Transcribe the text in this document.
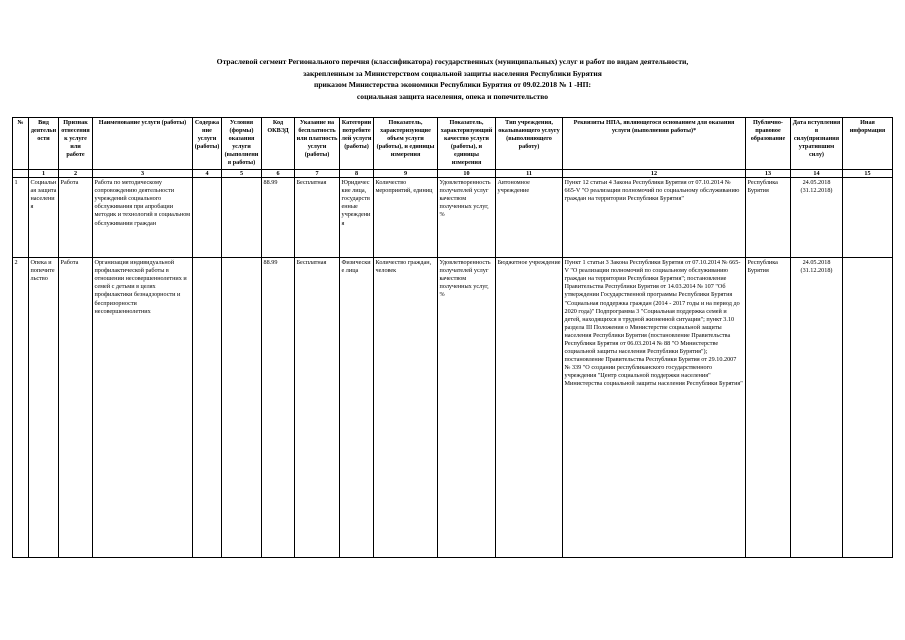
Отраслевой сегмент Регионального перечня (классификатора) государственных (муниципальных) услуг и работ по видам деятельности,
закрепленным за Министерством социальной защиты населения Республики Бурятия
приказом Министерства экономики Республики Бурятия от 09.02.2018 № 1 -НП:
социальная защита населения, опека и попечительство
№	Вид деятельности	Признак отнесения к услуге или работе	Наименование услуги (работы)	Содержание услуги (работы)	Условия (формы) оказания услуги (выполнения работы)	Код ОКВЭД	Указание на бесплатность или платность услуги (работы)	Категории потребителей услуги (работы)	Показатель, характеризующие объем услуги (работы), и единицы измерения	Показатель, характеризующий качество услуги (работы), и единицы измерения	Тип учреждения, оказывающего услугу (выполняющего работу)	Реквизиты НПА, являющегося основанием для оказания услуги (выполнения работы)*	Публично-правовое образование	Дата вступления в силу(признания утратившим силу)	Иная информация
	1	2	3	4	5	6	7	8	9	10	11	12	13	14	15
1	Социальная защита населения	Работа	Работа по методическому сопровождению деятельности учреждений социального обслуживания при апробации методик и технологий в социальном обслуживании граждан			88.99	Бесплатная	Юридические лица, государственные учреждения	Количество мероприятий, единиц	Удовлетворенность получателей услуг качеством полученных услуг, %	Автономное учреждение	Пункт 12 статьи 4 Закона Республики Бурятия от 07.10.2014 № 665-V "О реализации полномочий по социальному обслуживанию граждан на территории Республики Бурятия"	Республика Бурятия	24.05.2018 (31.12.2018)	
2	Опека и попечительство	Работа	Организация индивидуальной профилактической работы в отношении несовершеннолетних и семей с детьми в целях профилактики безнадзорности и беспризорности несовершеннолетних			88.99	Бесплатная	Физические лица	Количество граждан, человек	Удовлетворенность получателей услуг качеством полученных услуг, %	Бюджетное учреждение	Пункт 1 статьи 3 Закона Республики Бурятия от 07.10.2014 № 665-V "О реализации полномочий по социальному обслуживанию граждан на территории Республики Бурятия"; постановление Правительства Республики Бурятия от 14.03.2014 № 107 "Об утверждении Государственной программы Республики Бурятия "Социальная поддержка граждан (2014 - 2017 годы и на период до 2020 года)" Подпрограмма 3 "Социальная поддержка семей и детей, находящихся в трудной жизненной ситуации"; пункт 3.10 раздела III Положения о Министерстве социальной защиты населения Республики Бурятия (постановление Правительства Республики Бурятия от 06.03.2014 № 88 "О Министерстве социальной защиты населения Республики Бурятия"); постановление Правительства Республики Бурятия от 29.10.2007 № 339 "О создании республиканского государственного учреждения "Центр социальной поддержки населения" Министерства социальной защиты населения Республики Бурятия"	Республика Бурятия	24.05.2018 (31.12.2018)	
